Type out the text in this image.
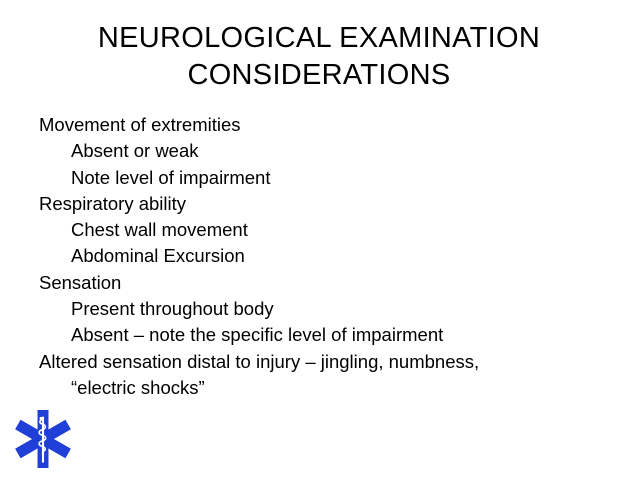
NEUROLOGICAL EXAMINATION
CONSIDERATIONS
Movement of extremities
Absent or weak
Note level of impairment
Respiratory ability
Chest wall movement
Abdominal Excursion
Sensation
Present throughout body
Absent – note the specific level of impairment
Altered sensation distal to injury – jingling, numbness,
“electric shocks”
